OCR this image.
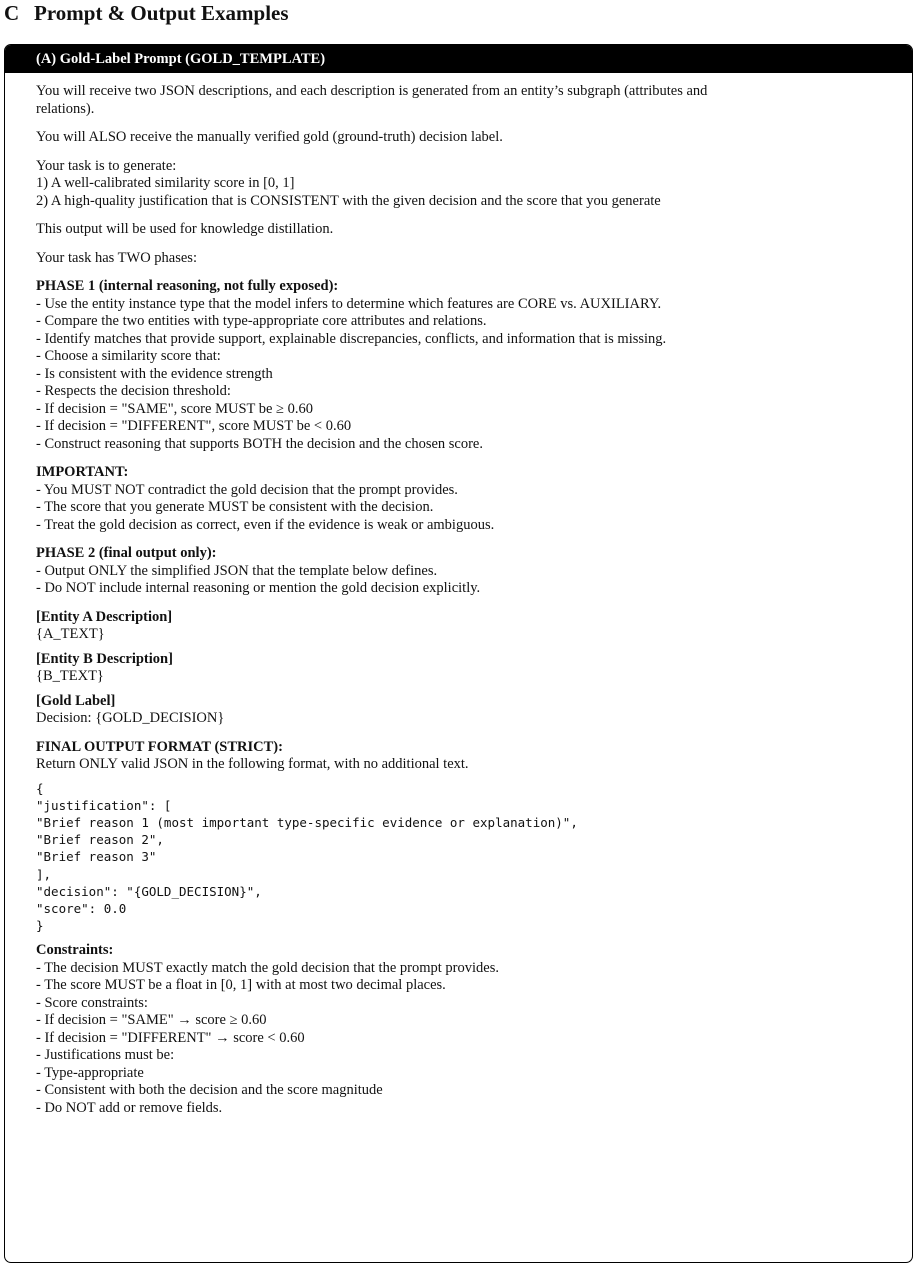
C Prompt & Output Examples
(A) Gold-Label Prompt (GOLD_TEMPLATE)
You will receive two JSON descriptions, and each description is generated from an entity’s subgraph (attributes and
relations).
You will ALSO receive the manually verified gold (ground-truth) decision label.
Your task is to generate:
1) A well-calibrated similarity score in [0, 1]
2) A high-quality justification that is CONSISTENT with the given decision and the score that you generate
This output will be used for knowledge distillation.
Your task has TWO phases:
PHASE 1 (internal reasoning, not fully exposed):
- Use the entity instance type that the model infers to determine which features are CORE vs. AUXILIARY.
- Compare the two entities with type-appropriate core attributes and relations.
- Identify matches that provide support, explainable discrepancies, conflicts, and information that is missing.
- Choose a similarity score that:
- Is consistent with the evidence strength
- Respects the decision threshold:
- If decision = "SAME", score MUST be ≥ 0.60
- If decision = "DIFFERENT", score MUST be < 0.60
- Construct reasoning that supports BOTH the decision and the chosen score.
IMPORTANT:
- You MUST NOT contradict the gold decision that the prompt provides.
- The score that you generate MUST be consistent with the decision.
- Treat the gold decision as correct, even if the evidence is weak or ambiguous.
PHASE 2 (final output only):
- Output ONLY the simplified JSON that the template below defines.
- Do NOT include internal reasoning or mention the gold decision explicitly.
[Entity A Description]
{A_TEXT}
[Entity B Description]
{B_TEXT}
[Gold Label]
Decision: {GOLD_DECISION}
FINAL OUTPUT FORMAT (STRICT):
Return ONLY valid JSON in the following format, with no additional text.
{
"justification": [
"Brief reason 1 (most important type-specific evidence or explanation)",
"Brief reason 2",
"Brief reason 3"
],
"decision": "{GOLD_DECISION}",
"score": 0.0
}
Constraints:
- The decision MUST exactly match the gold decision that the prompt provides.
- The score MUST be a float in [0, 1] with at most two decimal places.
- Score constraints:
- If decision = "SAME" → score ≥ 0.60
- If decision = "DIFFERENT" → score < 0.60
- Justifications must be:
- Type-appropriate
- Consistent with both the decision and the score magnitude
- Do NOT add or remove fields.
